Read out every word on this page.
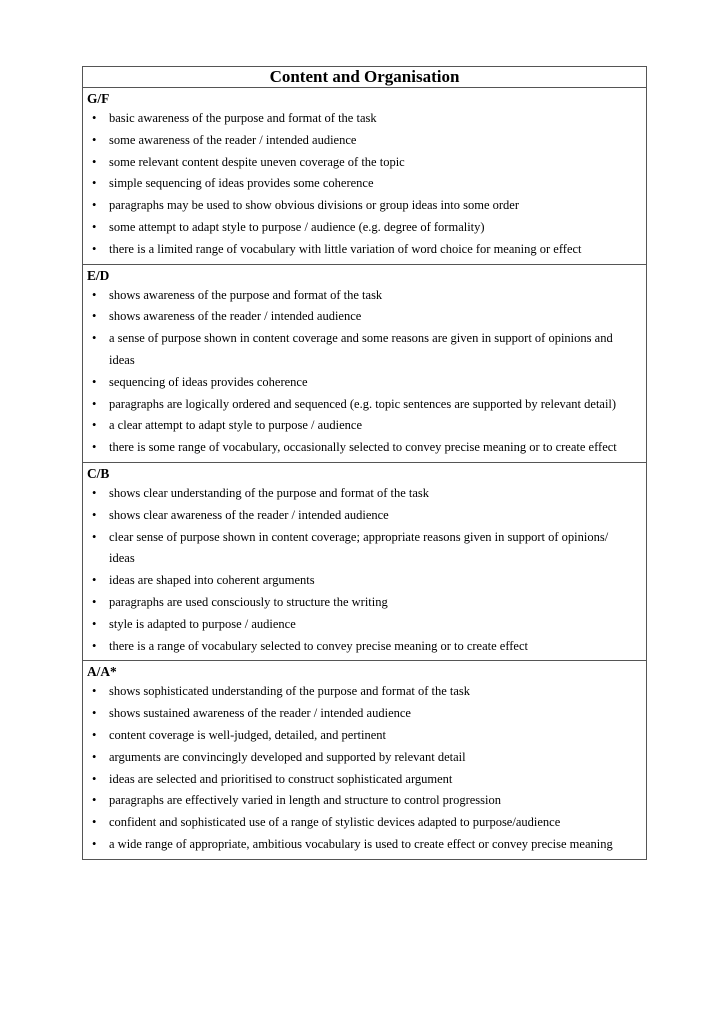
Content and Organisation
G/F
• basic awareness of the purpose and format of the task
• some awareness of the reader / intended audience
• some relevant content despite uneven coverage of the topic
• simple sequencing of ideas provides some coherence
• paragraphs may be used to show obvious divisions or group ideas into some order
• some attempt to adapt style to purpose / audience (e.g. degree of formality)
• there is a limited range of vocabulary with little variation of word choice for meaning or effect
E/D
• shows awareness of the purpose and format of the task
• shows awareness of the reader / intended audience
• a sense of purpose shown in content coverage and some reasons are given in support of opinions and ideas
• sequencing of ideas provides coherence
• paragraphs are logically ordered and sequenced (e.g. topic sentences are supported by relevant detail)
• a clear attempt to adapt style to purpose / audience
• there is some range of vocabulary, occasionally selected to convey precise meaning or to create effect
C/B
• shows clear understanding of the purpose and format of the task
• shows clear awareness of the reader / intended audience
• clear sense of purpose shown in content coverage; appropriate reasons given in support of opinions/ ideas
• ideas are shaped into coherent arguments
• paragraphs are used consciously to structure the writing
• style is adapted to purpose / audience
• there is a range of vocabulary selected to convey precise meaning or to create effect
A/A*
• shows sophisticated understanding of the purpose and format of the task
• shows sustained awareness of the reader / intended audience
• content coverage is well-judged, detailed, and pertinent
• arguments are convincingly developed and supported by relevant detail
• ideas are selected and prioritised to construct sophisticated argument
• paragraphs are effectively varied in length and structure to control progression
• confident and sophisticated use of a range of stylistic devices adapted to purpose/audience
• a wide range of appropriate, ambitious vocabulary is used to create effect or convey precise meaning
